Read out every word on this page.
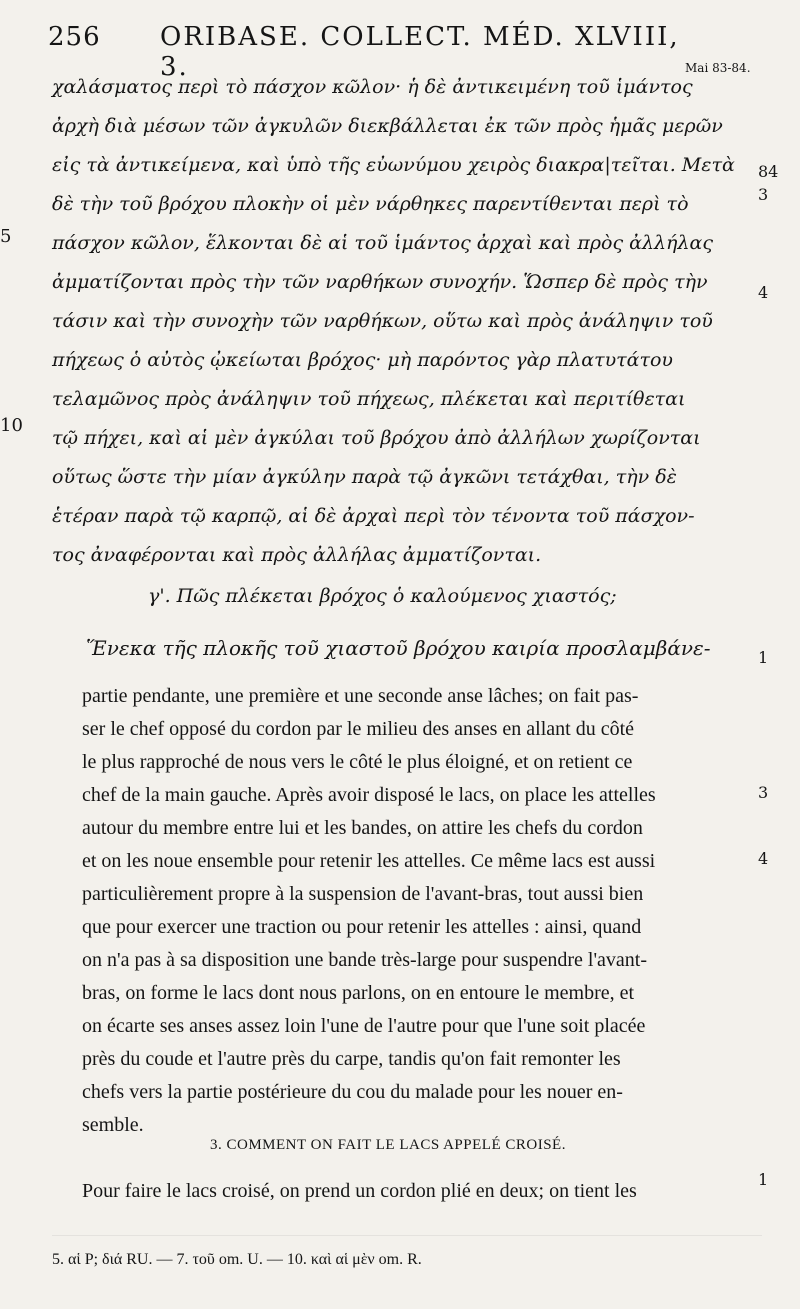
256 ORIBASE. COLLECT. MÉD. XLVIII, 3.	Mai 83-84.
χαλάσματος περὶ τὸ πάσχον κῶλον· ἡ δὲ ἀντικειμένη τοῦ ἱμάντος
ἀρχὴ διὰ μέσων τῶν ἀγκυλῶν διεκβάλλεται ἐκ τῶν πρὸς ἡμᾶς μερῶν
εἰς τὰ ἀντικείμενα, καὶ ὑπὸ τῆς εὐωνύμου χειρὸς διακρα|τεῖται. Μετὰ
δὲ τὴν τοῦ βρόχου πλοκὴν οἱ μὲν νάρθηκες παρεντίθενται περὶ τὸ
πάσχον κῶλον, ἕλκονται δὲ αἱ τοῦ ἱμάντος ἀρχαὶ καὶ πρὸς ἀλλήλας
ἀμματίζονται πρὸς τὴν τῶν ναρθήκων συνοχήν. Ὥσπερ δὲ πρὸς τὴν
τάσιν καὶ τὴν συνοχὴν τῶν ναρθήκων, οὕτω καὶ πρὸς ἀνάληψιν τοῦ
πήχεως ὁ αὐτὸς ᾠκείωται βρόχος· μὴ παρόντος γὰρ πλατυτάτου
τελαμῶνος πρὸς ἀνάληψιν τοῦ πήχεως, πλέκεται καὶ περιτίθεται
τῷ πήχει, καὶ αἱ μὲν ἀγκύλαι τοῦ βρόχου ἀπὸ ἀλλήλων χωρίζονται
οὕτως ὥστε τὴν μίαν ἀγκύλην παρὰ τῷ ἀγκῶνι τετάχθαι, τὴν δὲ
ἑτέραν παρὰ τῷ καρπῷ, αἱ δὲ ἀρχαὶ περὶ τὸν τένοντα τοῦ πάσχον-
τος ἀναφέρονται καὶ πρὸς ἀλλήλας ἀμματίζονται.
5
10
84
3
4
γ'. Πῶς πλέκεται βρόχος ὁ καλούμενος χιαστός;
Ἕνεκα τῆς πλοκῆς τοῦ χιαστοῦ βρόχου καιρία προσλαμβάνε-	1
partie pendante, une première et une seconde anse lâches; on fait pas-
ser le chef opposé du cordon par le milieu des anses en allant du côté
le plus rapproché de nous vers le côté le plus éloigné, et on retient ce
chef de la main gauche. Après avoir disposé le lacs, on place les attelles
autour du membre entre lui et les bandes, on attire les chefs du cordon
et on les noue ensemble pour retenir les attelles. Ce même lacs est aussi
particulièrement propre à la suspension de l'avant-bras, tout aussi bien
que pour exercer une traction ou pour retenir les attelles : ainsi, quand
on n'a pas à sa disposition une bande très-large pour suspendre l'avant-
bras, on forme le lacs dont nous parlons, on en entoure le membre, et
on écarte ses anses assez loin l'une de l'autre pour que l'une soit placée
près du coude et l'autre près du carpe, tandis qu'on fait remonter les
chefs vers la partie postérieure du cou du malade pour les nouer en-
semble.
3
4
3. COMMENT ON FAIT LE LACS APPELÉ CROISÉ.
Pour faire le lacs croisé, on prend un cordon plié en deux; on tient les
1
5. αἱ P; διά RU. — 7. τοῦ om. U. — 10. καὶ αἱ μὲν om. R.
